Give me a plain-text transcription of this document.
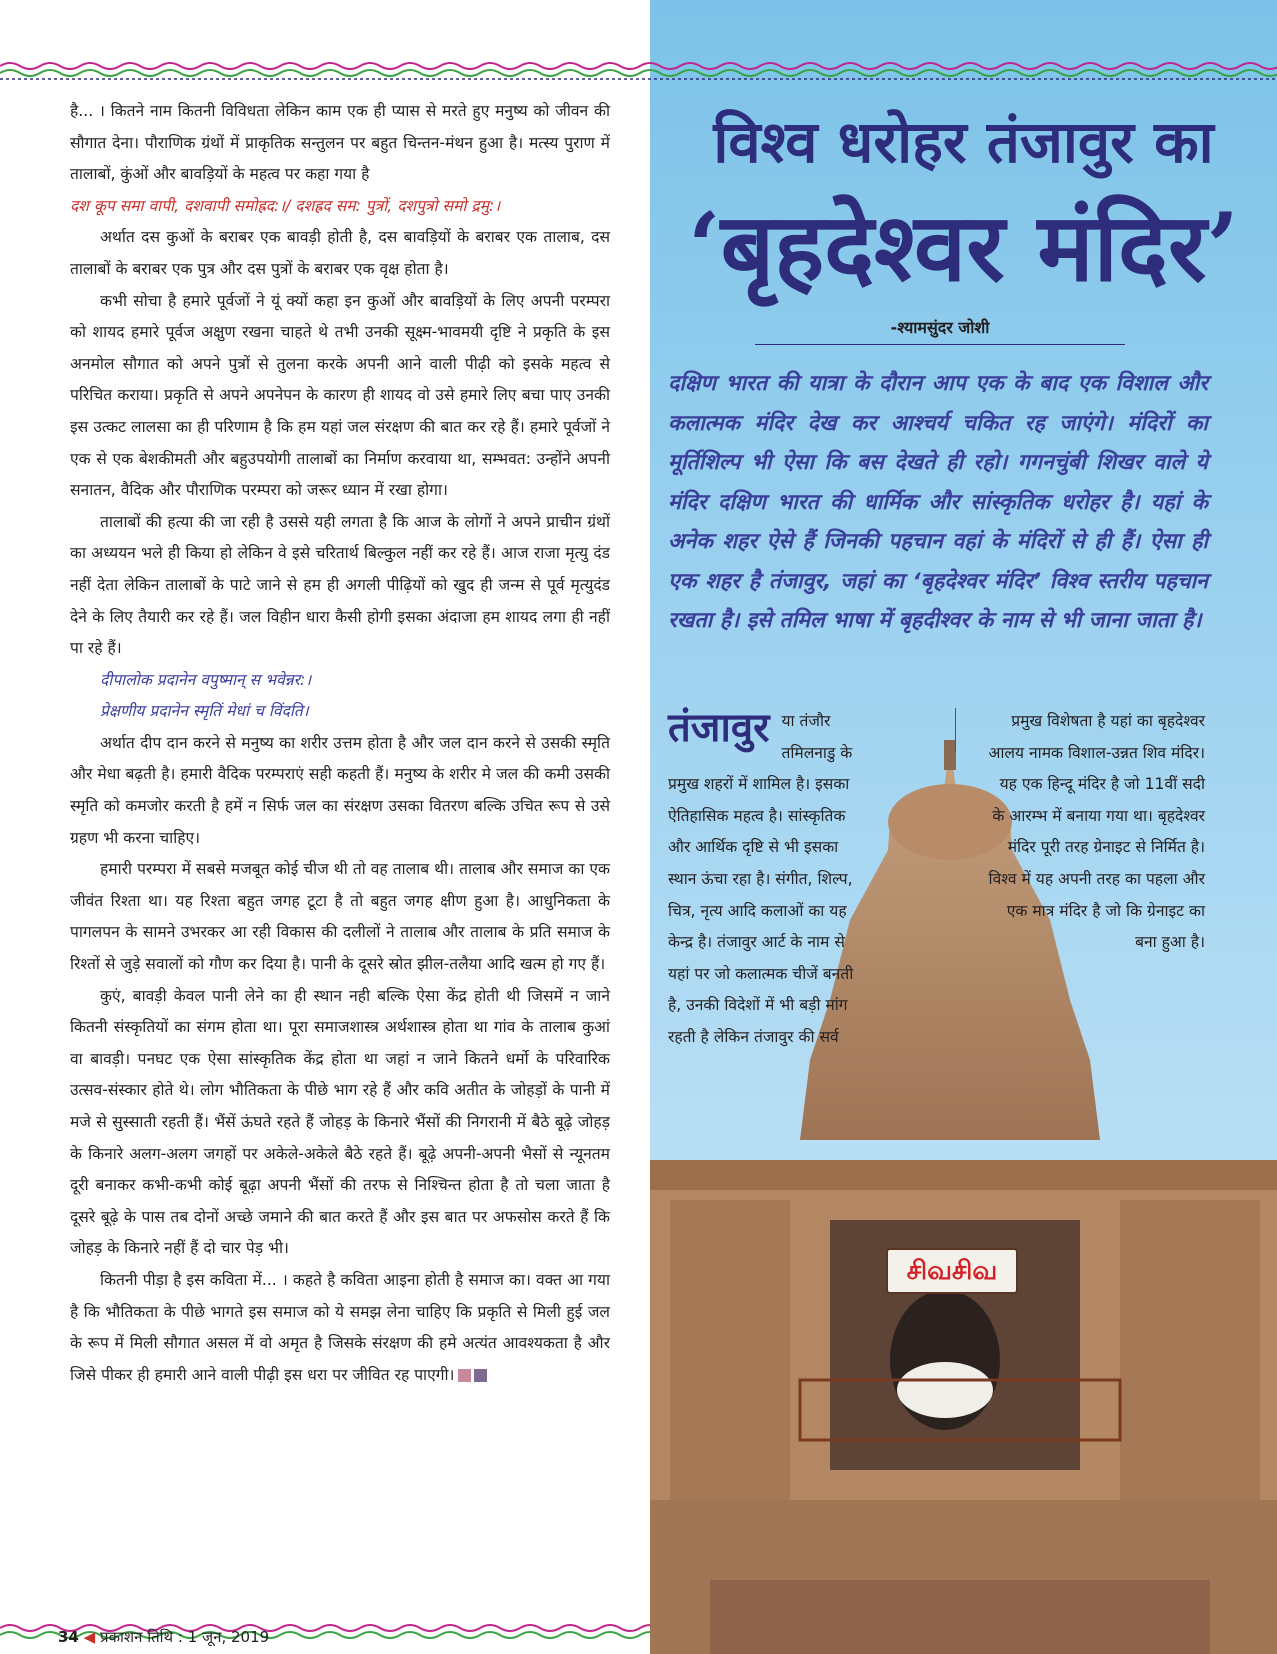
है... । कितने नाम कितनी विविधता लेकिन काम एक ही प्यास से मरते हुए मनुष्य को जीवन की सौगात देना। पौराणिक ग्रंथों में प्राकृतिक सन्तुलन पर बहुत चिन्तन-मंथन हुआ है। मत्स्य पुराण में तालाबों, कुंओं और बावड़ियों के महत्व पर कहा गया है

दश कूप समा वापी, दशवापी समोह्रद:।/ दशह्रद सम: पुत्रों, दशपुत्रो समो द्रमु:।

अर्थात दस कुओं के बराबर एक बावड़ी होती है, दस बावड़ियों के बराबर एक तालाब, दस तालाबों के बराबर एक पुत्र और दस पुत्रों के बराबर एक वृक्ष होता है।

कभी सोचा है हमारे पूर्वजों ने यूं क्यों कहा इन कुओं और बावड़ियों के लिए अपनी परम्परा को शायद हमारे पूर्वज अक्षुण रखना चाहते थे तभी उनकी सूक्ष्म-भावमयी दृष्टि ने प्रकृति के इस अनमोल सौगात को अपने पुत्रों से तुलना करके अपनी आने वाली पीढ़ी को इसके महत्व से परिचित कराया। प्रकृति से अपने अपनेपन के कारण ही शायद वो उसे हमारे लिए बचा पाए उनकी इस उत्कट लालसा का ही परिणाम है कि हम यहां जल संरक्षण की बात कर रहे हैं। हमारे पूर्वजों ने एक से एक बेशकीमती और बहुउपयोगी तालाबों का निर्माण करवाया था, सम्भवत: उन्होंने अपनी सनातन, वैदिक और पौराणिक परम्परा को जरूर ध्यान में रखा होगा।

तालाबों की हत्या की जा रही है उससे यही लगता है कि आज के लोगों ने अपने प्राचीन ग्रंथों का अध्ययन भले ही किया हो लेकिन वे इसे चरितार्थ बिल्कुल नहीं कर रहे हैं। आज राजा मृत्यु दंड नहीं देता लेकिन तालाबों के पाटे जाने से हम ही अगली पीढ़ियों को खुद ही जन्म से पूर्व मृत्युदंड देने के लिए तैयारी कर रहे हैं। जल विहीन धारा कैसी होगी इसका अंदाजा हम शायद लगा ही नहीं पा रहे हैं।

दीपालोक प्रदानेन वपुष्मान् स भवेन्नर:।

प्रेक्षणीय प्रदानेन स्मृतिं मेधां च विंदति।

अर्थात दीप दान करने से मनुष्य का शरीर उत्तम होता है और जल दान करने से उसकी स्मृति और मेधा बढ़ती है। हमारी वैदिक परम्पराएं सही कहती हैं। मनुष्य के शरीर मे जल की कमी उसकी स्मृति को कमजोर करती है हमें न सिर्फ जल का संरक्षण उसका वितरण बल्कि उचित रूप से उसे ग्रहण भी करना चाहिए।

हमारी परम्परा में सबसे मजबूत कोई चीज थी तो वह तालाब थी। तालाब और समाज का एक जीवंत रिश्ता था। यह रिश्ता बहुत जगह टूटा है तो बहुत जगह क्षीण हुआ है। आधुनिकता के पागलपन के सामने उभरकर आ रही विकास की दलीलों ने तालाब और तालाब के प्रति समाज के रिश्तों से जुड़े सवालों को गौण कर दिया है। पानी के दूसरे स्रोत झील-तलैया आदि खत्म हो गए हैं।

कुएं, बावड़ी केवल पानी लेने का ही स्थान नही बल्कि ऐसा केंद्र होती थी जिसमें न जाने कितनी संस्कृतियों का संगम होता था। पूरा समाजशास्त्र अर्थशास्त्र होता था गांव के तालाब कुआं वा बावड़ी। पनघट एक ऐसा सांस्कृतिक केंद्र होता था जहां न जाने कितने धर्मो के परिवारिक उत्सव-संस्कार होते थे। लोग भौतिकता के पीछे भाग रहे हैं और कवि अतीत के जोहड़ों के पानी में मजे से सुस्साती रहती हैं। भैंसें ऊंघते रहते हैं जोहड़ के किनारे भैंसों की निगरानी में बैठे बूढ़े जोहड़ के किनारे अलग-अलग जगहों पर अकेले-अकेले बैठे रहते हैं। बूढ़े अपनी-अपनी भैसों से न्यूनतम दूरी बनाकर कभी-कभी कोई बूढ़ा अपनी भैंसों की तरफ से निश्चिन्त होता है तो चला जाता है दूसरे बूढ़े के पास तब दोनों अच्छे जमाने की बात करते हैं और इस बात पर अफसोस करते हैं कि जोहड़ के किनारे नहीं हैं दो चार पेड़ भी।

कितनी पीड़ा है इस कविता में... । कहते है कविता आइना होती है समाज का। वक्त आ गया है कि भौतिकता के पीछे भागते इस समाज को ये समझ लेना चाहिए कि प्रकृति से मिली हुई जल के रूप में मिली सौगात असल में वो अमृत है जिसके संरक्षण की हमे अत्यंत आवश्यकता है और जिसे पीकर ही हमारी आने वाली पीढ़ी इस धरा पर जीवित रह पाएगी।

34 ◀ प्रकाशन तिथि : 1 जून, 2019
विश्व धरोहर तंजावुर का
‘बृहदेश्वर मंदिर’
-श्यामसुंदर जोशी
दक्षिण भारत की यात्रा के दौरान आप एक के बाद एक विशाल और कलात्मक मंदिर देख कर आश्चर्य चकित रह जाएंगे। मंदिरों का मूर्तिशिल्प भी ऐसा कि बस देखते ही रहो। गगनचुंबी शिखर वाले ये मंदिर दक्षिण भारत की धार्मिक और सांस्कृतिक धरोहर है। यहां के अनेक शहर ऐसे हैं जिनकी पहचान वहां के मंदिरों से ही हैं। ऐसा ही एक शहर है तंजावुर, जहां का ‘बृहदेश्वर मंदिर’ विश्व स्तरीय पहचान रखता है। इसे तमिल भाषा में बृहदीश्वर के नाम से भी जाना जाता है।
சிவசிவ
तंजावुर या तंजौर तमिलनाडु के प्रमुख शहरों में शामिल है। इसका ऐतिहासिक महत्व है। सांस्कृतिक और आर्थिक दृष्टि से भी इसका स्थान ऊंचा रहा है। संगीत, शिल्प, चित्र, नृत्य आदि कलाओं का यह केन्द्र है। तंजावुर आर्ट के नाम से यहां पर जो कलात्मक चीजें बनती है, उनकी विदेशों में भी बड़ी मांग रहती है लेकिन तंजावुर की सर्व
प्रमुख विशेषता है यहां का बृहदेश्वर आलय नामक विशाल-उन्नत शिव मंदिर। यह एक हिन्दू मंदिर है जो 11वीं सदी के आरम्भ में बनाया गया था। बृहदेश्वर मंदिर पूरी तरह ग्रेनाइट से निर्मित है। विश्व में यह अपनी तरह का पहला और एक मात्र मंदिर है जो कि ग्रेनाइट का बना हुआ है।
